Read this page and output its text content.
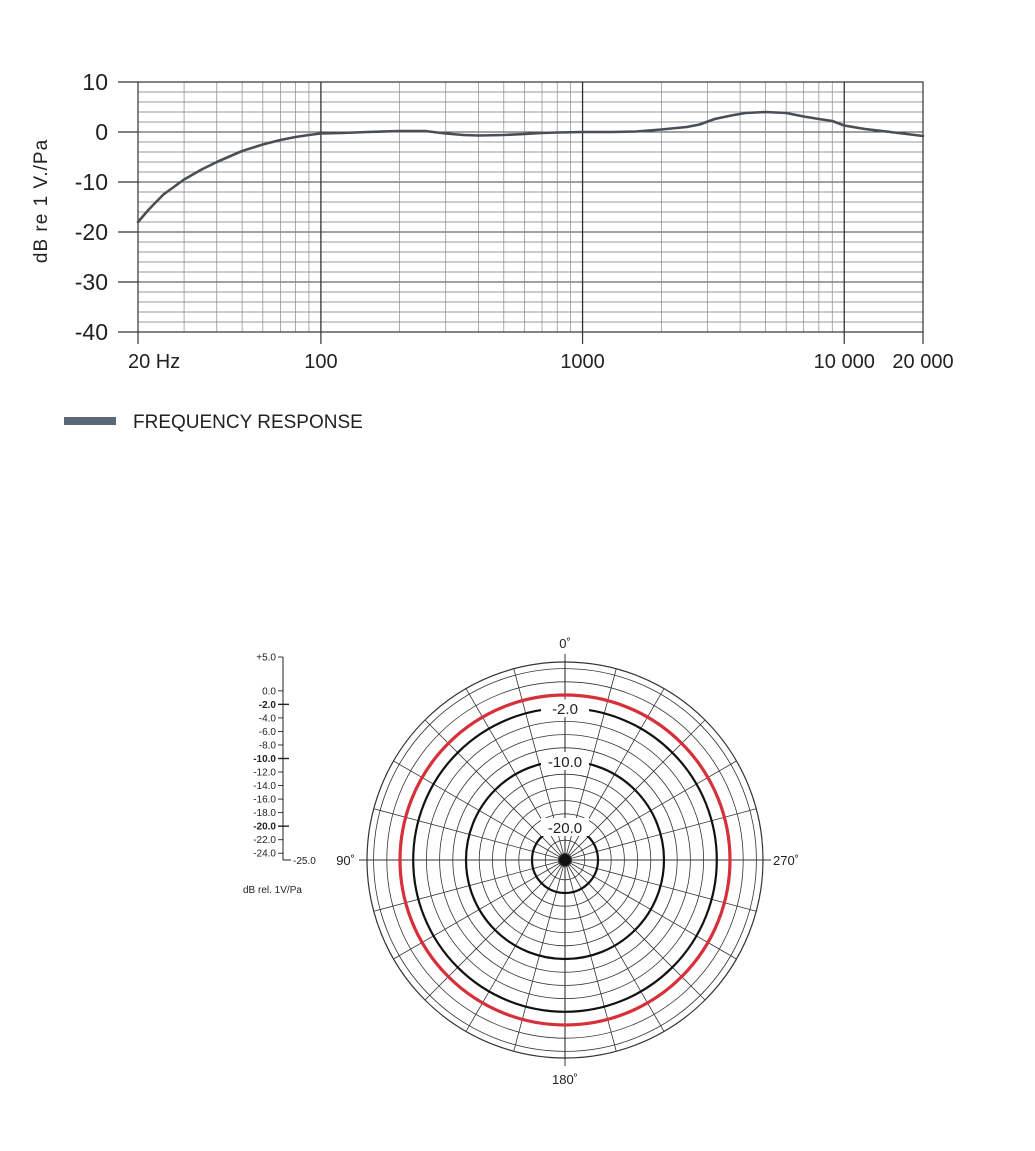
10
0
-10
-20
-30
-40
20 Hz	100	1000	10 000 20 000
dB re 1 V./Pa
FREQUENCY RESPONSE
-2.0
-10.0
-20.0
0˚
90˚
180˚
270˚
+5.0
0.0
-2.0
-4.0
-6.0
-8.0
-10.0
-12.0
-14.0
-16.0
-18.0
-20.0
-22.0
-24.0
-25.0
dB rel. 1V/Pa
